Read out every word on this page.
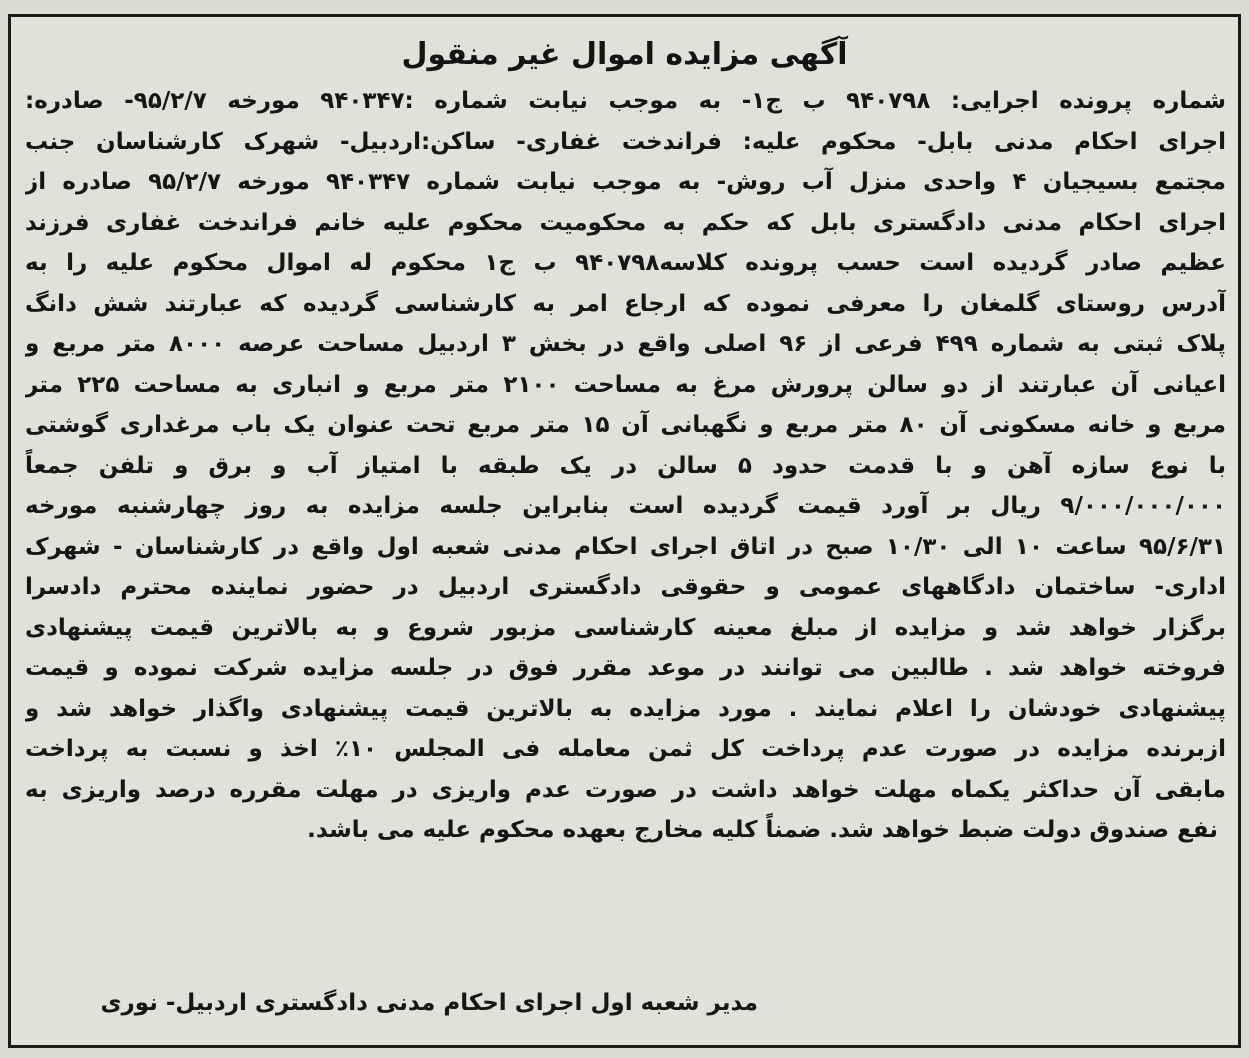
آگهی مزایده اموال غیر منقول
شماره پرونده اجرایی: ۹۴۰۷۹۸ ب ج۱- به موجب نیابت شماره :۹۴۰۳۴۷ مورخه ۹۵/۲/۷- صادره:
اجرای احکام مدنی بابل- محکوم علیه: فراندخت غفاری- ساکن:اردبیل- شهرک کارشناسان جنب
مجتمع بسیجیان ۴ واحدی منزل آب روش- به موجب نیابت شماره ۹۴۰۳۴۷ مورخه ۹۵/۲/۷ صادره از
اجرای احکام مدنی دادگستری بابل که حکم به محکومیت محکوم علیه خانم فراندخت غفاری فرزند
عظیم صادر گردیده است حسب پرونده کلاسه۹۴۰۷۹۸ ب ج۱ محکوم له اموال محکوم علیه را به
آدرس روستای گلمغان را معرفی نموده که ارجاع امر به کارشناسی گردیده که عبارتند شش دانگ
پلاک ثبتی به شماره ۴۹۹ فرعی از ۹۶ اصلی واقع در بخش ۳ اردبیل مساحت عرصه ۸۰۰۰ متر مربع و
اعیانی آن عبارتند از دو سالن پرورش مرغ به مساحت ۲۱۰۰ متر مربع و انباری به مساحت ۲۲۵ متر
مربع و خانه مسکونی آن ۸۰ متر مربع و نگهبانی آن ۱۵ متر مربع تحت عنوان یک باب مرغداری گوشتی
با نوع سازه آهن و با قدمت حدود ۵ سالن در یک طبقه با امتیاز آب و برق و تلفن جمعاً
۹/۰۰۰/۰۰۰/۰۰۰ ریال بر آورد قیمت گردیده است بنابراین جلسه مزایده به روز چهارشنبه مورخه
۹۵/۶/۳۱ ساعت ۱۰ الی ۱۰/۳۰ صبح در اتاق اجرای احکام مدنی شعبه اول واقع در کارشناسان - شهرک
اداری- ساختمان دادگاههای عمومی و حقوقی دادگستری اردبیل در حضور نماینده محترم دادسرا
برگزار خواهد شد و مزایده از مبلغ معینه کارشناسی مزبور شروع و به بالاترین قیمت پیشنهادی
فروخته خواهد شد . طالبین می توانند در موعد مقرر فوق در جلسه مزایده شرکت نموده و قیمت
پیشنهادی خودشان را اعلام نمایند . مورد مزایده به بالاترین قیمت پیشنهادی واگذار خواهد شد و
ازبرنده مزایده در صورت عدم پرداخت کل ثمن معامله فی المجلس ۱۰٪ اخذ و نسبت به پرداخت
مابقی آن حداکثر یکماه مهلت خواهد داشت در صورت عدم واریزی در مهلت مقرره درصد واریزی به
نفع صندوق دولت ضبط خواهد شد. ضمناً کلیه مخارج بعهده محکوم علیه می باشد.
مدیر شعبه اول اجرای احکام مدنی دادگستری اردبیل- نوری
